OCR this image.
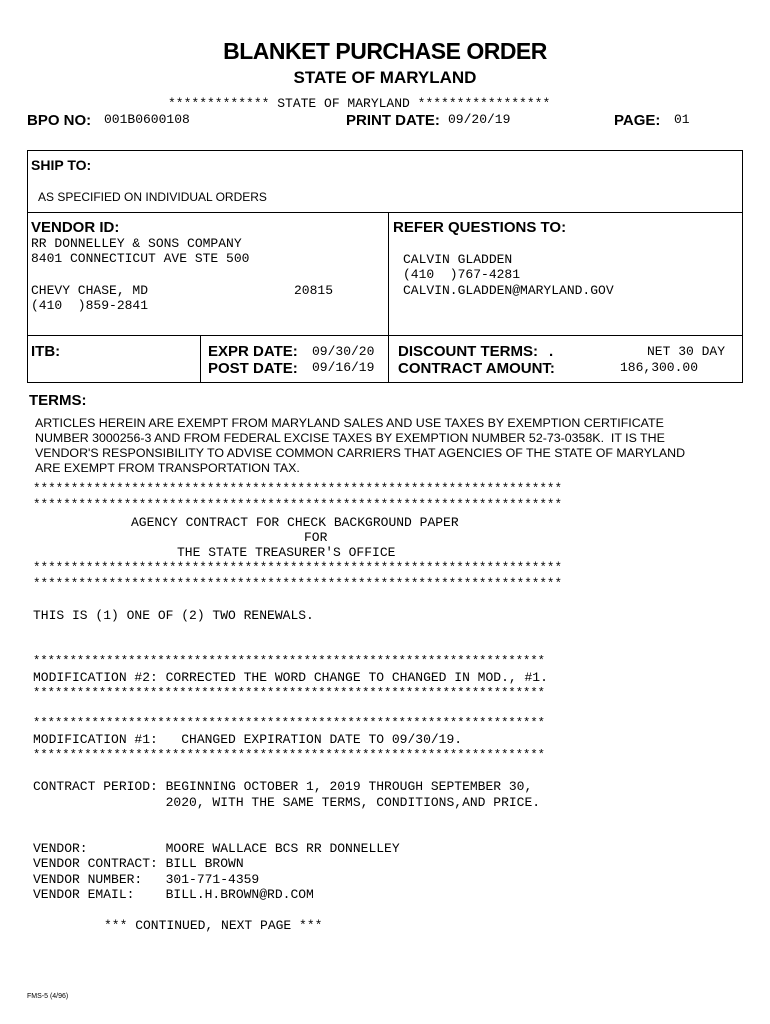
BLANKET PURCHASE ORDER
STATE OF MARYLAND
************* STATE OF MARYLAND *****************
BPO NO: 001B0600108	PRINT DATE: 09/20/19	PAGE: 01
SHIP TO:
AS SPECIFIED ON INDIVIDUAL ORDERS
VENDOR ID:
RR DONNELLEY & SONS COMPANY
8401 CONNECTICUT AVE STE 500
CHEVY CHASE, MD	20815
(410  )859-2841
REFER QUESTIONS TO:
CALVIN GLADDEN
(410  )767-4281
CALVIN.GLADDEN@MARYLAND.GOV
ITB:	EXPR DATE: 09/30/20
POST DATE: 09/16/19
DISCOUNT TERMS: .	NET 30 DAY
CONTRACT AMOUNT:	186,300.00
TERMS:
ARTICLES HEREIN ARE EXEMPT FROM MARYLAND SALES AND USE TAXES BY EXEMPTION CERTIFICATE
NUMBER 3000256-3 AND FROM FEDERAL EXCISE TAXES BY EXEMPTION NUMBER 52-73-0358K.  IT IS THE
VENDOR'S RESPONSIBILITY TO ADVISE COMMON CARRIERS THAT AGENCIES OF THE STATE OF MARYLAND
ARE EXEMPT FROM TRANSPORTATION TAX.
**********************************************************************
**********************************************************************
AGENCY CONTRACT FOR CHECK BACKGROUND PAPER
FOR
THE STATE TREASURER'S OFFICE
**********************************************************************
**********************************************************************
THIS IS (1) ONE OF (2) TWO RENEWALS.
**********************************************************************
MODIFICATION #2: CORRECTED THE WORD CHANGE TO CHANGED IN MOD., #1.
**********************************************************************
**********************************************************************
MODIFICATION #1:   CHANGED EXPIRATION DATE TO 09/30/19.
**********************************************************************
CONTRACT PERIOD: BEGINNING OCTOBER 1, 2019 THROUGH SEPTEMBER 30,
2020, WITH THE SAME TERMS, CONDITIONS,AND PRICE.
VENDOR:          MOORE WALLACE BCS RR DONNELLEY
VENDOR CONTRACT: BILL BROWN
VENDOR NUMBER:   301-771-4359
VENDOR EMAIL:    BILL.H.BROWN@RD.COM
*** CONTINUED, NEXT PAGE ***
FMS-5 (4/96)
